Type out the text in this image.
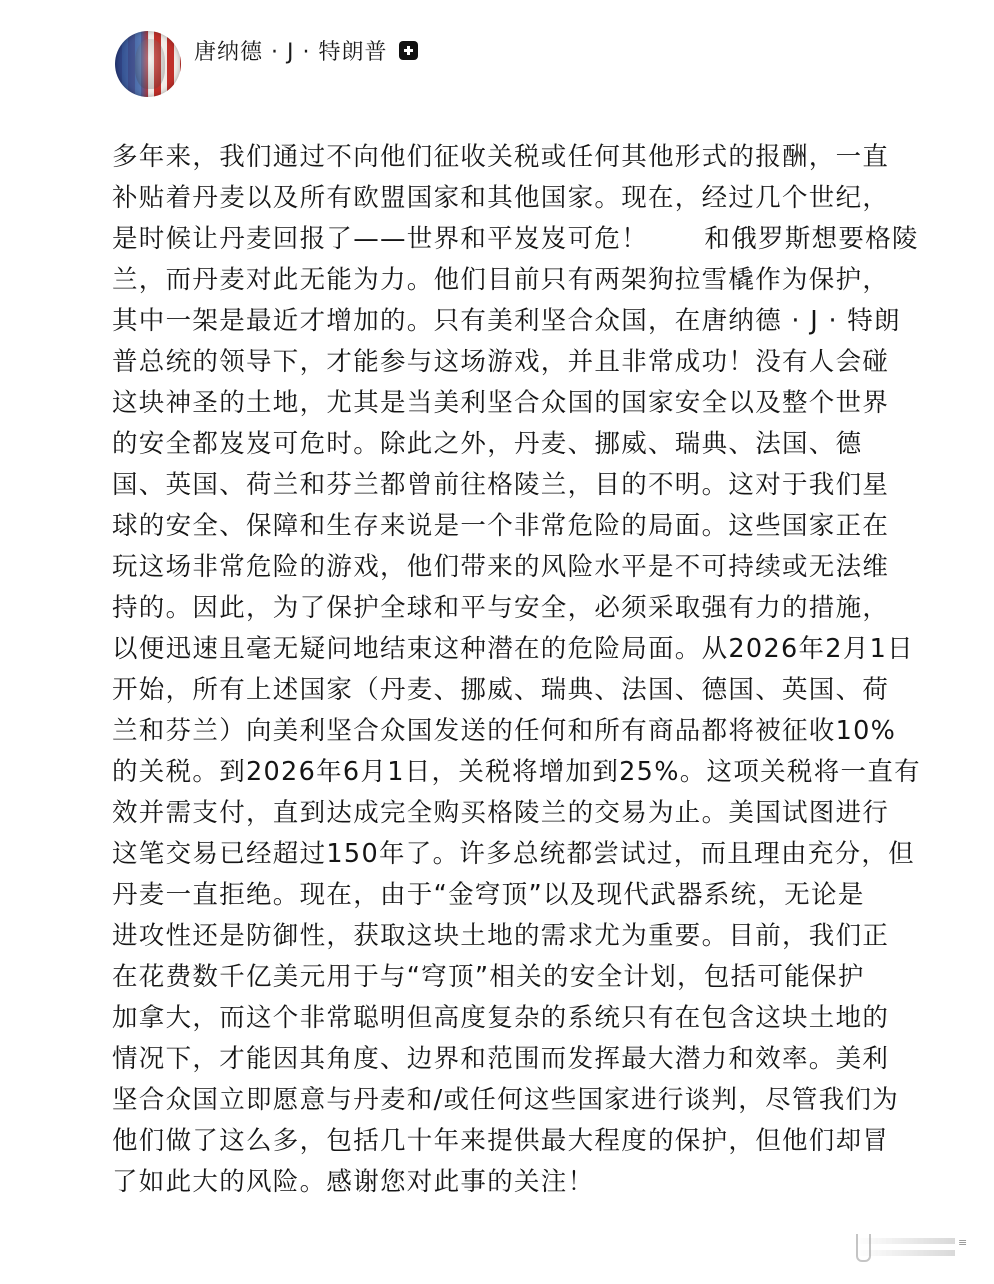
唐纳德 · J · 特朗普
多年来，我们通过不向他们征收关税或任何其他形式的报酬，一直
补贴着丹麦以及所有欧盟国家和其他国家。现在，经过几个世纪，
是时候让丹麦回报了——世界和平岌岌可危！      和俄罗斯想要格陵
兰，而丹麦对此无能为力。他们目前只有两架狗拉雪橇作为保护，
其中一架是最近才增加的。只有美利坚合众国，在唐纳德 · J · 特朗
普总统的领导下，才能参与这场游戏，并且非常成功！没有人会碰
这块神圣的土地，尤其是当美利坚合众国的国家安全以及整个世界
的安全都岌岌可危时。除此之外，丹麦、挪威、瑞典、法国、德
国、英国、荷兰和芬兰都曾前往格陵兰，目的不明。这对于我们星
球的安全、保障和生存来说是一个非常危险的局面。这些国家正在
玩这场非常危险的游戏，他们带来的风险水平是不可持续或无法维
持的。因此，为了保护全球和平与安全，必须采取强有力的措施，
以便迅速且毫无疑问地结束这种潜在的危险局面。从2026年2月1日
开始，所有上述国家（丹麦、挪威、瑞典、法国、德国、英国、荷
兰和芬兰）向美利坚合众国发送的任何和所有商品都将被征收10%
的关税。到2026年6月1日，关税将增加到25%。这项关税将一直有
效并需支付，直到达成完全购买格陵兰的交易为止。美国试图进行
这笔交易已经超过150年了。许多总统都尝试过，而且理由充分，但
丹麦一直拒绝。现在，由于“金穹顶”以及现代武器系统，无论是
进攻性还是防御性，获取这块土地的需求尤为重要。目前，我们正
在花费数千亿美元用于与“穹顶”相关的安全计划，包括可能保护
加拿大，而这个非常聪明但高度复杂的系统只有在包含这块土地的
情况下，才能因其角度、边界和范围而发挥最大潜力和效率。美利
坚合众国立即愿意与丹麦和/或任何这些国家进行谈判，尽管我们为
他们做了这么多，包括几十年来提供最大程度的保护，但他们却冒
了如此大的风险。感谢您对此事的关注！
≡
